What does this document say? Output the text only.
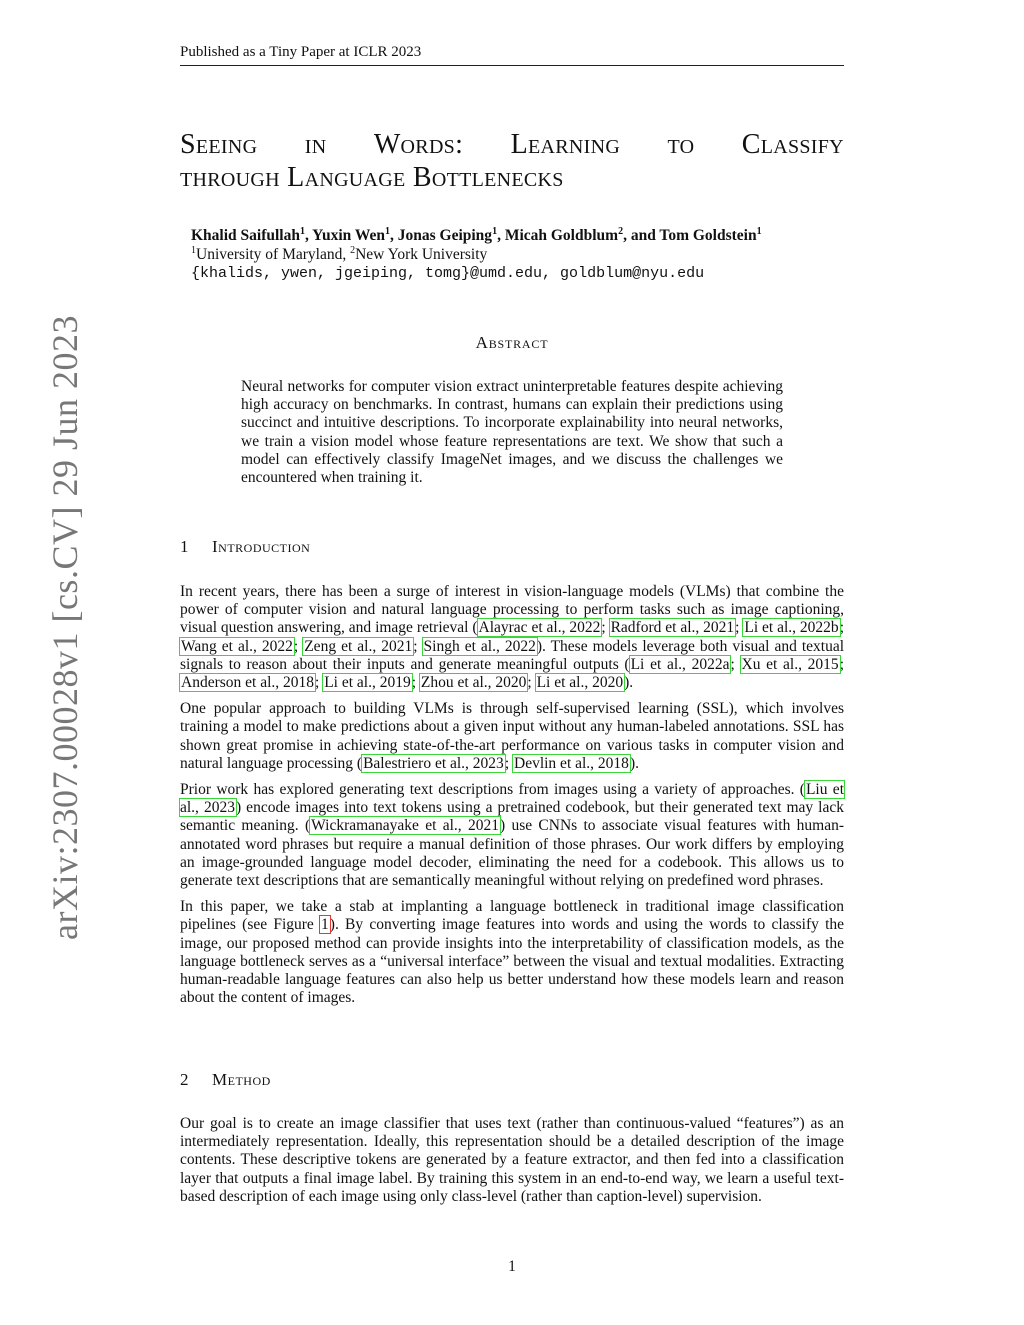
Published as a Tiny Paper at ICLR 2023
arXiv:2307.00028v1 [cs.CV] 29 Jun 2023
Seeing in Words: Learning to Classify
through Language Bottlenecks
Khalid Saifullah$^1$, Yuxin Wen$^1$, Jonas Geiping$^1$, Micah Goldblum$^2$, and Tom Goldstein$^1$
$^1$University of Maryland, $^2$New York University
{khalids, ywen, jgeiping, tomg}@umd.edu, goldblum@nyu.edu
Abstract
Neural networks for computer vision extract uninterpretable features despite achieving high accuracy on benchmarks. In contrast, humans can explain their predictions using succinct and intuitive descriptions. To incorporate explainability into neural networks, we train a vision model whose feature representations are text. We show that such a model can effectively classify ImageNet images, and we discuss the challenges we encountered when training it.
1 Introduction

In recent years, there has been a surge of interest in vision-language models (VLMs) that combine the power of computer vision and natural language processing to perform tasks such as image captioning, visual question answering, and image retrieval (Alayrac et al., 2022; Radford et al., 2021; Li et al., 2022b; Wang et al., 2022; Zeng et al., 2021; Singh et al., 2022). These models leverage both visual and textual signals to reason about their inputs and generate meaningful outputs (Li et al., 2022a; Xu et al., 2015; Anderson et al., 2018; Li et al., 2019; Zhou et al., 2020; Li et al., 2020).

One popular approach to building VLMs is through self-supervised learning (SSL), which involves training a model to make predictions about a given input without any human-labeled annotations. SSL has shown great promise in achieving state-of-the-art performance on various tasks in computer vision and natural language processing (Balestriero et al., 2023; Devlin et al., 2018).

Prior work has explored generating text descriptions from images using a variety of approaches. (Liu et al., 2023) encode images into text tokens using a pretrained codebook, but their generated text may lack semantic meaning. (Wickramanayake et al., 2021) use CNNs to associate visual features with human-annotated word phrases but require a manual definition of those phrases. Our work differs by employing an image-grounded language model decoder, eliminating the need for a codebook. This allows us to generate text descriptions that are semantically meaningful without relying on predefined word phrases.

In this paper, we take a stab at implanting a language bottleneck in traditional image classification pipelines (see Figure 1). By converting image features into words and using the words to classify the image, our proposed method can provide insights into the interpretability of classification models, as the language bottleneck serves as a “universal interface” between the visual and textual modalities. Extracting human-readable language features can also help us better understand how these models learn and reason about the content of images.

2 Method

Our goal is to create an image classifier that uses text (rather than continuous-valued “features”) as an intermediately representation. Ideally, this representation should be a detailed description of the image contents. These descriptive tokens are generated by a feature extractor, and then fed into a classification layer that outputs a final image label. By training this system in an end-to-end way, we learn a useful text-based description of each image using only class-level (rather than caption-level) supervision.

1
